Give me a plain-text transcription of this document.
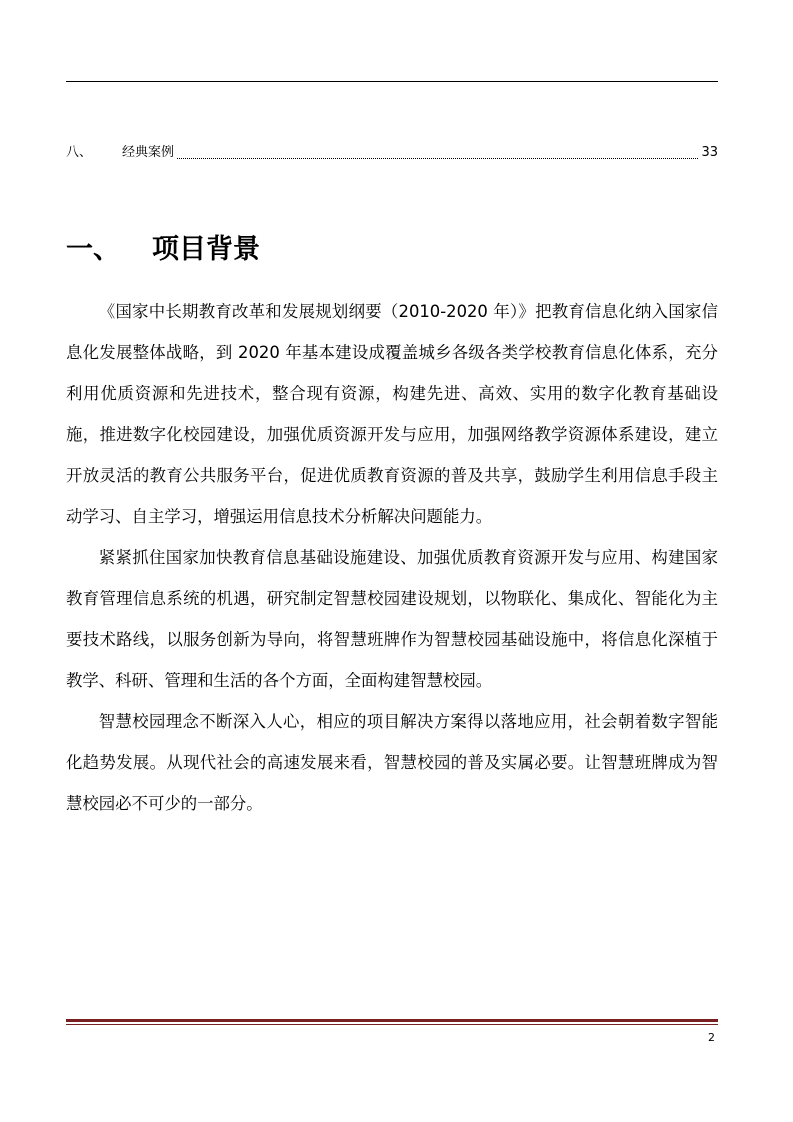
八、	经典案例	33
一、	项目背景

《国家中长期教育改革和发展规划纲要（2010-2020 年）》把教育信息化纳入国家信息化发展整体战略，到 2020 年基本建设成覆盖城乡各级各类学校教育信息化体系，充分利用优质资源和先进技术，整合现有资源，构建先进、高效、实用的数字化教育基础设施，推进数字化校园建设，加强优质资源开发与应用，加强网络教学资源体系建设，建立开放灵活的教育公共服务平台，促进优质教育资源的普及共享，鼓励学生利用信息手段主动学习、自主学习，增强运用信息技术分析解决问题能力。

紧紧抓住国家加快教育信息基础设施建设、加强优质教育资源开发与应用、构建国家教育管理信息系统的机遇，研究制定智慧校园建设规划，以物联化、集成化、智能化为主要技术路线，以服务创新为导向，将智慧班牌作为智慧校园基础设施中，将信息化深植于教学、科研、管理和生活的各个方面，全面构建智慧校园。

智慧校园理念不断深入人心，相应的项目解决方案得以落地应用，社会朝着数字智能化趋势发展。从现代社会的高速发展来看，智慧校园的普及实属必要。让智慧班牌成为智慧校园必不可少的一部分。

2
